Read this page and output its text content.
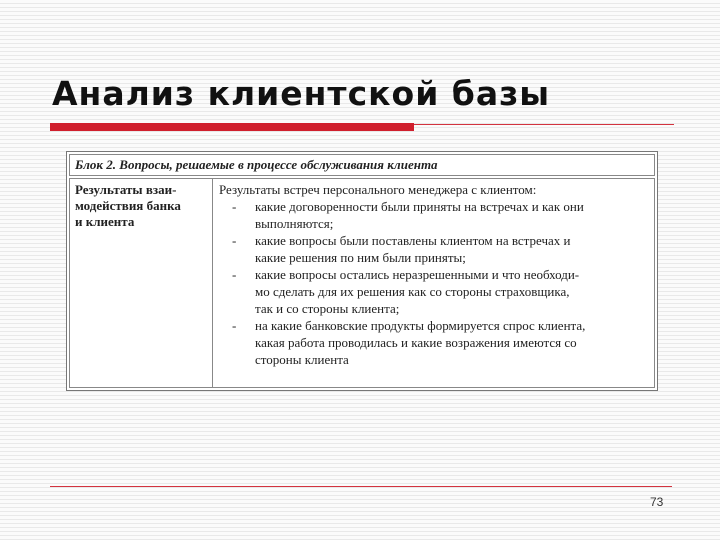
Анализ клиентской базы
Блок 2. Вопросы, решаемые в процессе обслуживания клиента
Результаты взаи-
модействия банка
и клиента
Результаты встреч персонального менеджера с клиентом:
- какие договоренности были приняты на встречах и как они
выполняются;
- какие вопросы были поставлены клиентом на встречах и
какие решения по ним были приняты;
- какие вопросы остались неразрешенными и что необходи-
мо сделать для их решения как со стороны страховщика,
так и со стороны клиента;
- на какие банковские продукты формируется спрос клиента,
какая работа проводилась и какие возражения имеются со
стороны клиента
73
